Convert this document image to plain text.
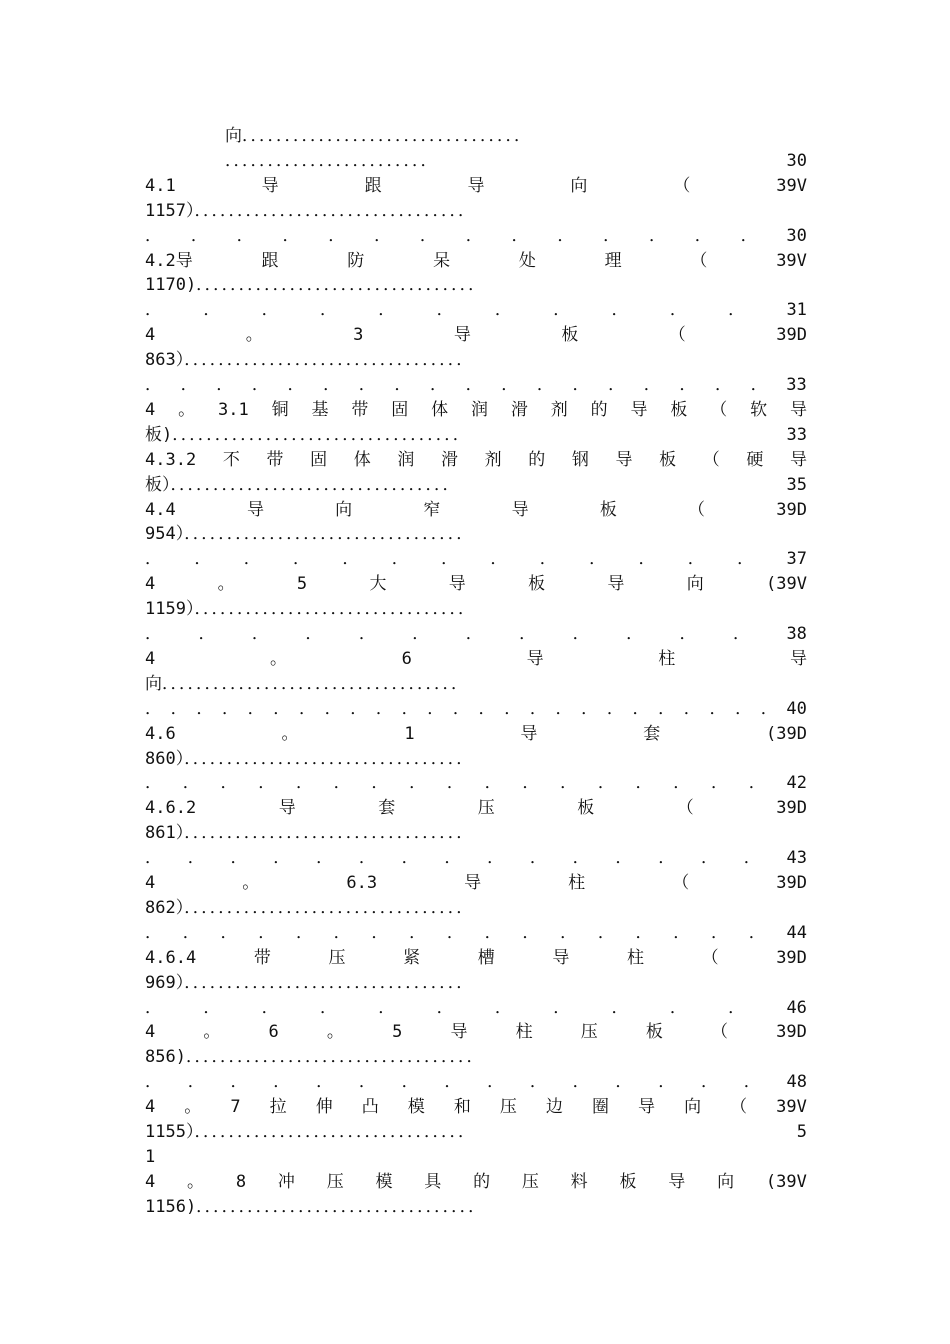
向．．．．．．．．．．．．．．．．．．．．．．．．．．．．．．．．．
．．．．．．．．．．．．．．．．．．．．．．．．	30
4.1	导	跟	导	向	（	39V
1157）．．．．．．．．．．．．．．．．．．．．．．．．．．．．．．．．
． ． ． ． ． ． ． ． ． ． ． ． ． ． 30
4.2导	跟	防	呆	处	理	（	39V
1170)．．．．．．．．．．．．．．．．．．．．．．．．．．．．．．．．．
． ． ． ． ． ． ． ． ． ． ． 31
4	。	3	导	板	（	39D
863）．．．．．．．．．．．．．．．．．．．．．．．．．．．．．．．．．
． ． ． ． ． ． ． ． ． ． ． ． ． ． ． ． ． ． 33
4 。 3.1 铜 基 带 固 体 润 滑 剂 的 导 板 （ 软 导
板)．．．．．．．．．．．．．．．．．．．．．．．．．．．．．．．．．．	33
4.3.2 不 带 固 体 润 滑 剂 的 钢 导 板 （ 硬 导
板）．．．．．．．．．．．．．．．．．．．．．．．．．．．．．．．．．	35
4.4	导	向	窄	导	板	（	39D
954）．．．．．．．．．．．．．．．．．．．．．．．．．．．．．．．．．
． ． ． ． ． ． ． ． ． ． ． ． ． 37
4	。	5	大	导	板	导	向	(39V
1159）．．．．．．．．．．．．．．．．．．．．．．．．．．．．．．．．
． ． ． ． ． ． ． ． ． ． ． ． 38
4	。	6	导	柱	导
向．．．．．．．．．．．．．．．．．．．．．．．．．．．．．．．．．．．
． ． ． ． ． ． ． ． ． ． ． ． ． ． ． ． ． ． ． ． ． ． ． ． ． 40
4.6	。	1	导	套	(39D
860）．．．．．．．．．．．．．．．．．．．．．．．．．．．．．．．．．
． ． ． ． ． ． ． ． ． ． ． ． ． ． ． ． ． 42
4.6.2	导	套	压	板	（	39D
861）．．．．．．．．．．．．．．．．．．．．．．．．．．．．．．．．．
． ． ． ． ． ． ． ． ． ． ． ． ． ． ． 43
4	。	6.3	导	柱	（	39D
862）．．．．．．．．．．．．．．．．．．．．．．．．．．．．．．．．．
． ． ． ． ． ． ． ． ． ． ． ． ． ． ． ． ． 44
4.6.4	带	压	紧	槽	导	柱	（	39D
969）．．．．．．．．．．．．．．．．．．．．．．．．．．．．．．．．．
． ． ． ． ． ． ． ． ． ． ． 46
4	。	6	。	5	导	柱	压	板	（	39D
856)．．．．．．．．．．．．．．．．．．．．．．．．．．．．．．．．．．
． ． ． ． ． ． ． ． ． ． ． ． ． ． ． 48
4 。 7 拉 伸 凸 模 和 压 边 圈 导 向 （ 39V
1155）．．．．．．．．．．．．．．．．．．．．．．．．．．．．．．．．	5
1
4 。 8 冲 压 模 具 的 压 料 板 导 向 (39V
1156)．．．．．．．．．．．．．．．．．．．．．．．．．．．．．．．．．
